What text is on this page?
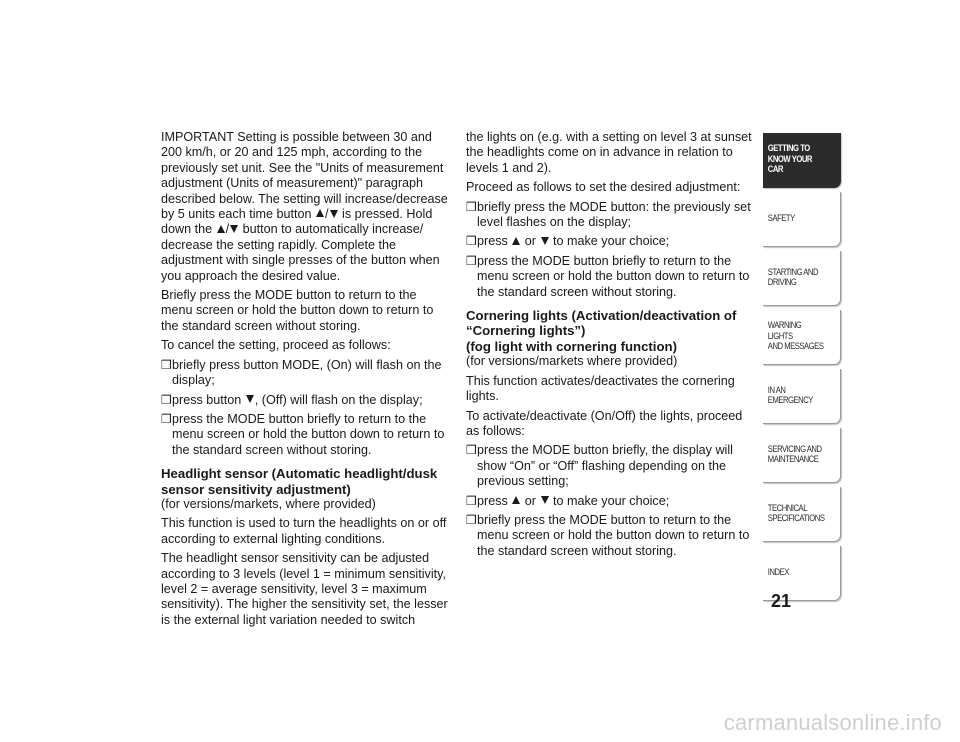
IMPORTANT Setting is possible between 30 and 200 km/h, or 20 and 125 mph, according to the previously set unit. See the "Units of measurement adjustment (Units of measurement)" paragraph described below. The setting will increase/decrease by 5 units each time button / is pressed. Hold down the / button to automatically increase/ decrease the setting rapidly. Complete the adjustment with single presses of the button when you approach the desired value.

Briefly press the MODE button to return to the menu screen or hold the button down to return to the standard screen without storing.

To cancel the setting, proceed as follows:

❒ briefly press button MODE, (On) will flash on the display;
❒ press button , (Off) will flash on the display;
❒ press the MODE button briefly to return to the menu screen or hold the button down to return to the standard screen without storing.
Headlight sensor (Automatic headlight/dusk sensor sensitivity adjustment)

(for versions/markets, where provided)

This function is used to turn the headlights on or off according to external lighting conditions.

The headlight sensor sensitivity can be adjusted according to 3 levels (level 1 = minimum sensitivity, level 2 = average sensitivity, level 3 = maximum sensitivity). The higher the sensitivity set, the lesser is the external light variation needed to switch

the lights on (e.g. with a setting on level 3 at sunset the headlights come on in advance in relation to levels 1 and 2).

Proceed as follows to set the desired adjustment:

❒ briefly press the MODE button: the previously set level flashes on the display;
❒ press or to make your choice;
❒ press the MODE button briefly to return to the menu screen or hold the button down to return to the standard screen without storing.
Cornering lights (Activation/deactivation of “Cornering lights”)
(fog light with cornering function)

(for versions/markets where provided)

This function activates/deactivates the cornering lights.

To activate/deactivate (On/Off) the lights, proceed as follows:

❒ press the MODE button briefly, the display will show “On” or “Off” flashing depending on the previous setting;
❒ press or to make your choice;
❒ briefly press the MODE button to return to the menu screen or hold the button down to return to the standard screen without storing.
GETTING TO
KNOW YOUR CAR
SAFETY
STARTING AND
DRIVING
WARNING LIGHTS
AND MESSAGES
IN AN EMERGENCY
SERVICING AND
MAINTENANCE
TECHNICAL
SPECIFICATIONS
INDEX
21
carmanualsonline.info
